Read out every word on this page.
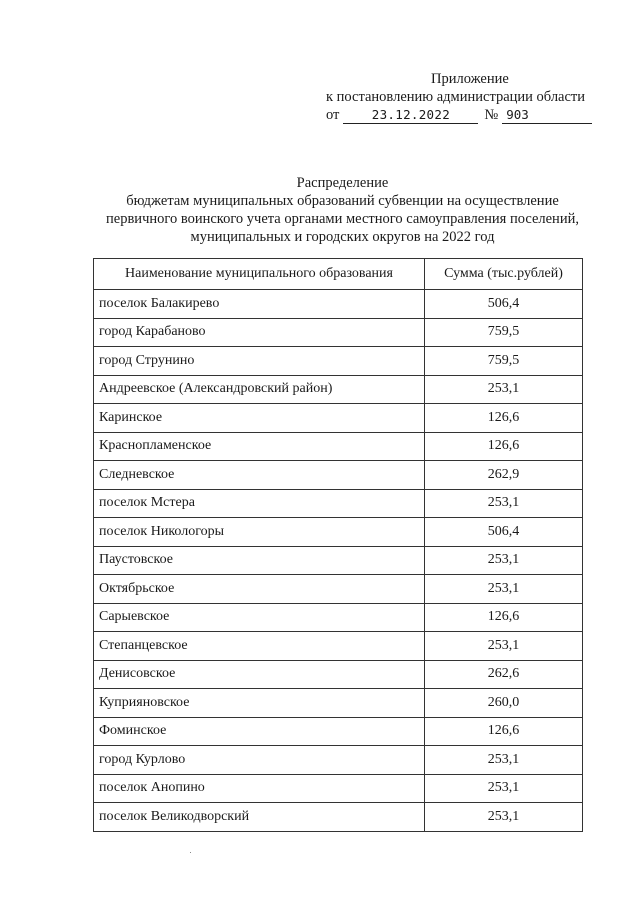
Приложение
к постановлению администрации области
от	23.12.2022	№ 903
Распределение
бюджетам муниципальных образований субвенции на осуществление
первичного воинского учета органами местного самоуправления поселений,
муниципальных и городских округов на 2022 год
Наименование муниципального образования	Сумма (тыс.рублей)
поселок Балакирево	506,4
город Карабаново	759,5
город Струнино	759,5
Андреевское (Александровский район)	253,1
Каринское	126,6
Краснопламенское	126,6
Следневское	262,9
поселок Мстера	253,1
поселок Никологоры	506,4
Паустовское	253,1
Октябрьское	253,1
Сарыевское	126,6
Степанцевское	253,1
Денисовское	262,6
Куприяновское	260,0
Фоминское	126,6
город Курлово	253,1
поселок Анопино	253,1
поселок Великодворский	253,1
